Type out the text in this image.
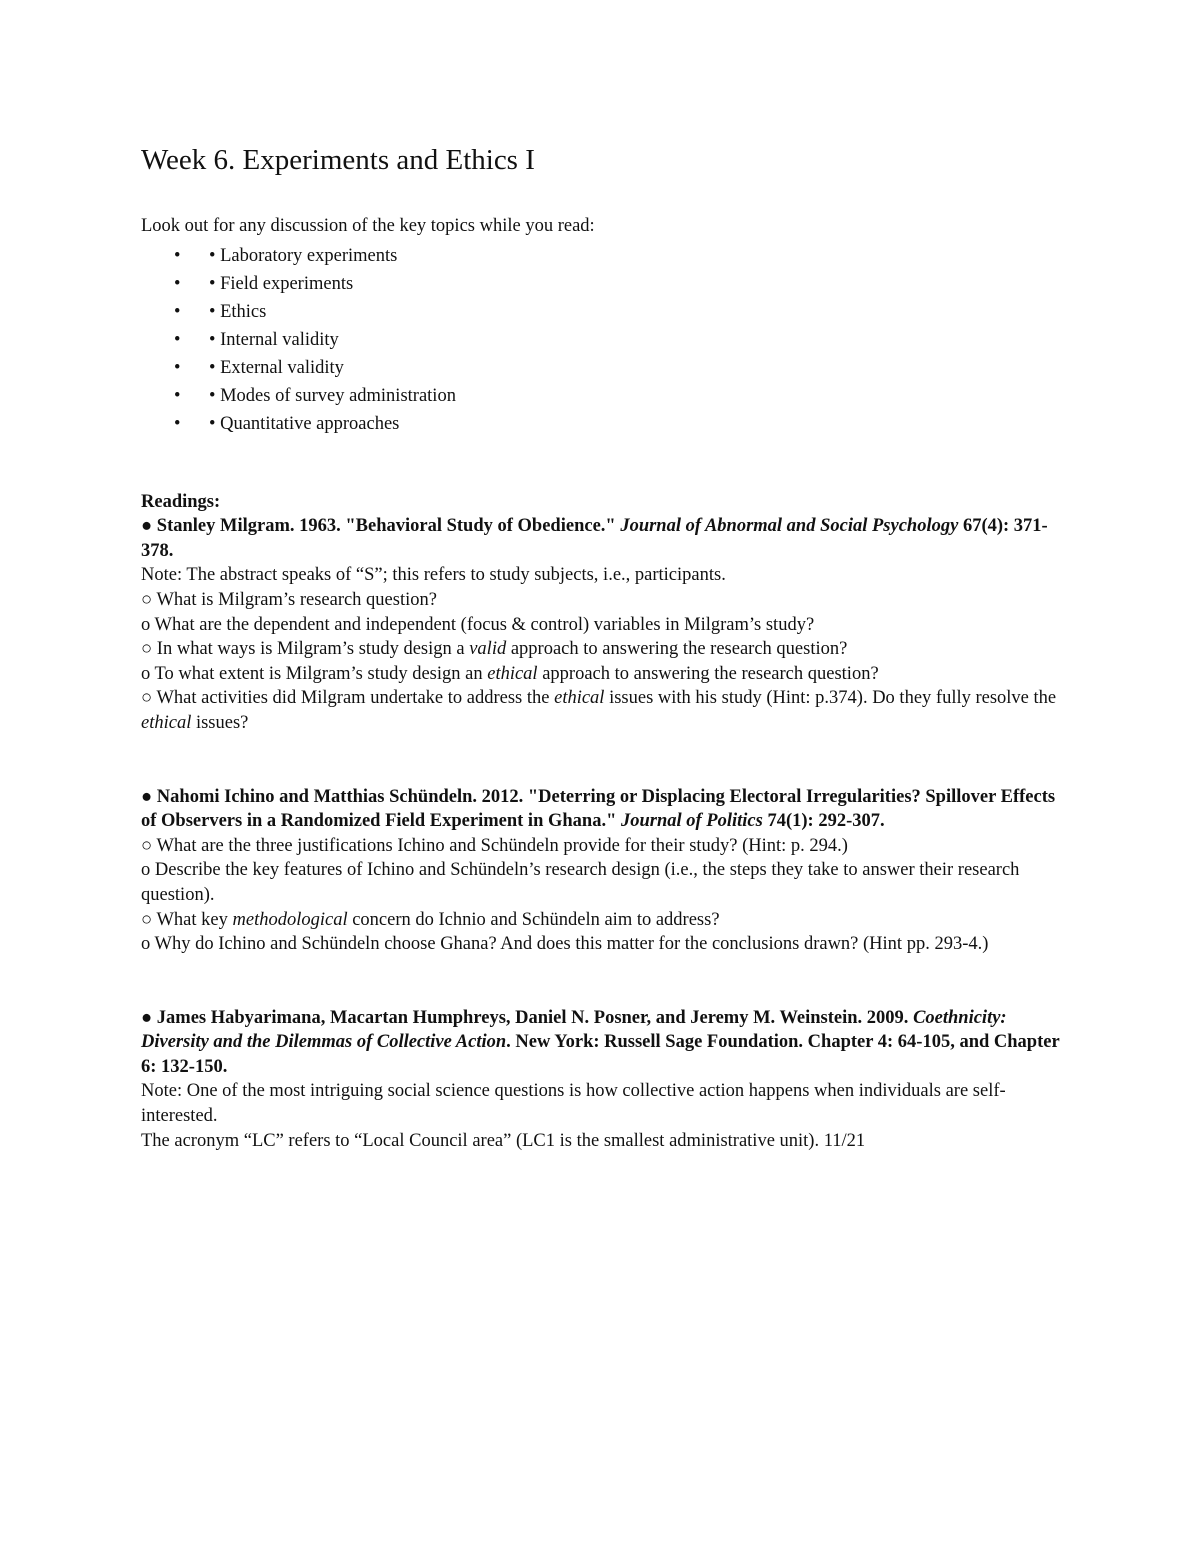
Week 6. Experiments and Ethics I

Look out for any discussion of the key topics while you read:

• • Laboratory experiments
• • Field experiments
• • Ethics
• • Internal validity
• • External validity
• • Modes of survey administration
• • Quantitative approaches
Readings:
● Stanley Milgram. 1963. "Behavioral Study of Obedience." Journal of Abnormal and Social Psychology 67(4): 371-378.
Note: The abstract speaks of “S”; this refers to study subjects, i.e., participants.
○ What is Milgram’s research question?
o What are the dependent and independent (focus & control) variables in Milgram’s study?
○ In what ways is Milgram’s study design a valid approach to answering the research question?
o To what extent is Milgram’s study design an ethical approach to answering the research question?
○ What activities did Milgram undertake to address the ethical issues with his study (Hint: p.374). Do they fully resolve the ethical issues?
● Nahomi Ichino and Matthias Schündeln. 2012. "Deterring or Displacing Electoral Irregularities? Spillover Effects of Observers in a Randomized Field Experiment in Ghana." Journal of Politics 74(1): 292-307.
○ What are the three justifications Ichino and Schündeln provide for their study? (Hint: p. 294.)
o Describe the key features of Ichino and Schündeln’s research design (i.e., the steps they take to answer their research question).
○ What key methodological concern do Ichnio and Schündeln aim to address?
o Why do Ichino and Schündeln choose Ghana? And does this matter for the conclusions drawn? (Hint pp. 293-4.)
● James Habyarimana, Macartan Humphreys, Daniel N. Posner, and Jeremy M. Weinstein. 2009. Coethnicity: Diversity and the Dilemmas of Collective Action. New York: Russell Sage Foundation. Chapter 4: 64-105, and Chapter 6: 132-150.
Note: One of the most intriguing social science questions is how collective action happens when individuals are self-interested.
The acronym “LC” refers to “Local Council area” (LC1 is the smallest administrative unit). 11/21
